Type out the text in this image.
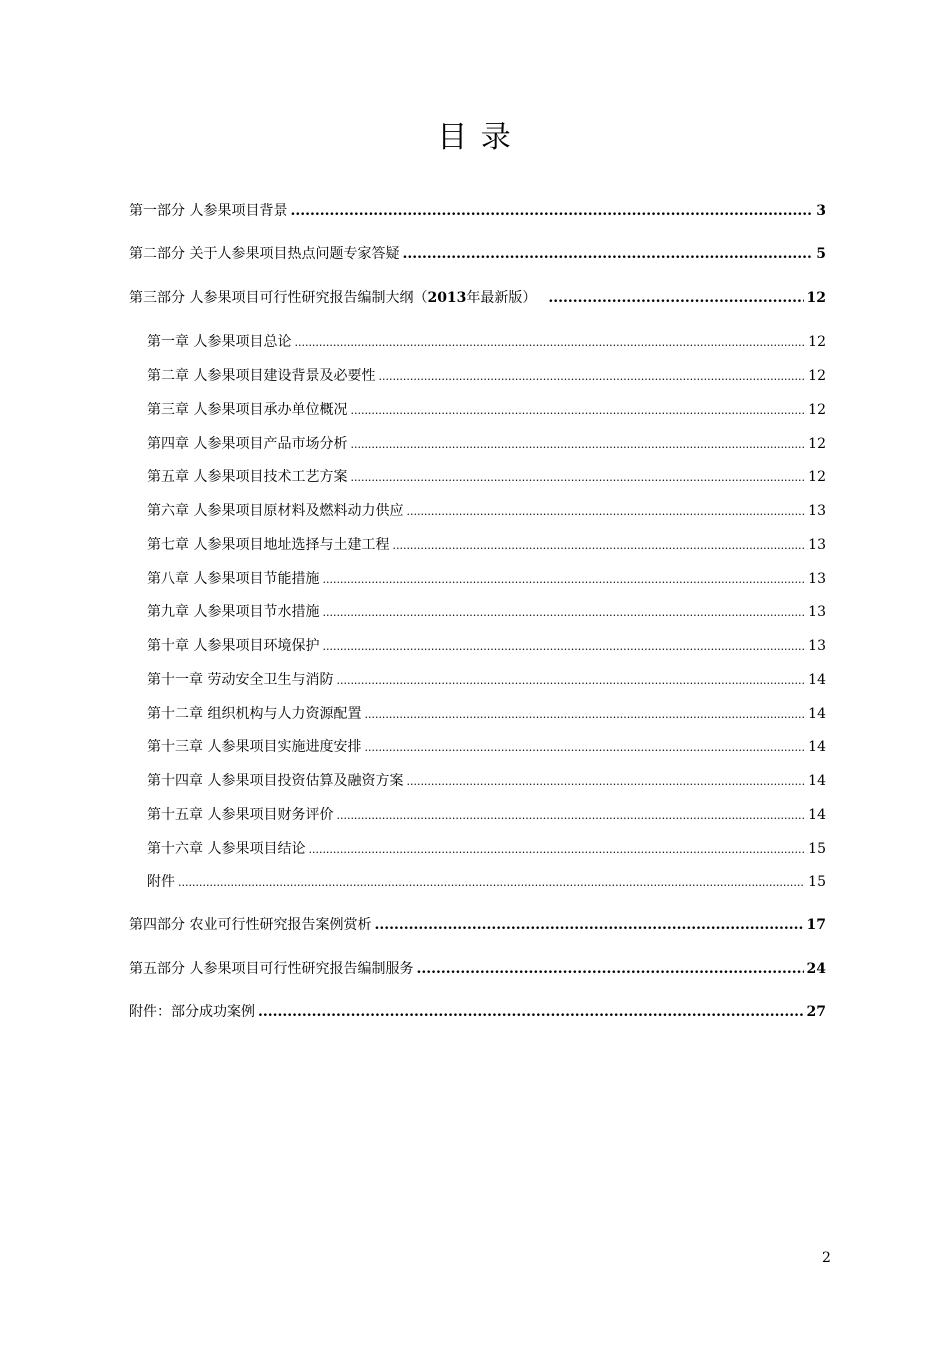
目 录
第一部分 人参果项目背景 .....	3
第二部分 关于人参果项目热点问题专家答疑 .....	5
第三部分 人参果项目可行性研究报告编制大纲（2013年最新版） .....	12
第一章 人参果项目总论 .....	12
第二章 人参果项目建设背景及必要性 .....	12
第三章 人参果项目承办单位概况 .....	12
第四章 人参果项目产品市场分析 .....	12
第五章 人参果项目技术工艺方案 .....	12
第六章 人参果项目原材料及燃料动力供应 .....	13
第七章 人参果项目地址选择与土建工程 .....	13
第八章 人参果项目节能措施 .....	13
第九章 人参果项目节水措施 .....	13
第十章 人参果项目环境保护 .....	13
第十一章 劳动安全卫生与消防 .....	14
第十二章 组织机构与人力资源配置 .....	14
第十三章 人参果项目实施进度安排 .....	14
第十四章 人参果项目投资估算及融资方案 .....	14
第十五章 人参果项目财务评价 .....	14
第十六章 人参果项目结论 .....	15
附件 .....	15
第四部分 农业可行性研究报告案例赏析 .....	17
第五部分 人参果项目可行性研究报告编制服务 .....	24
附件：部分成功案例 .....	27
2
